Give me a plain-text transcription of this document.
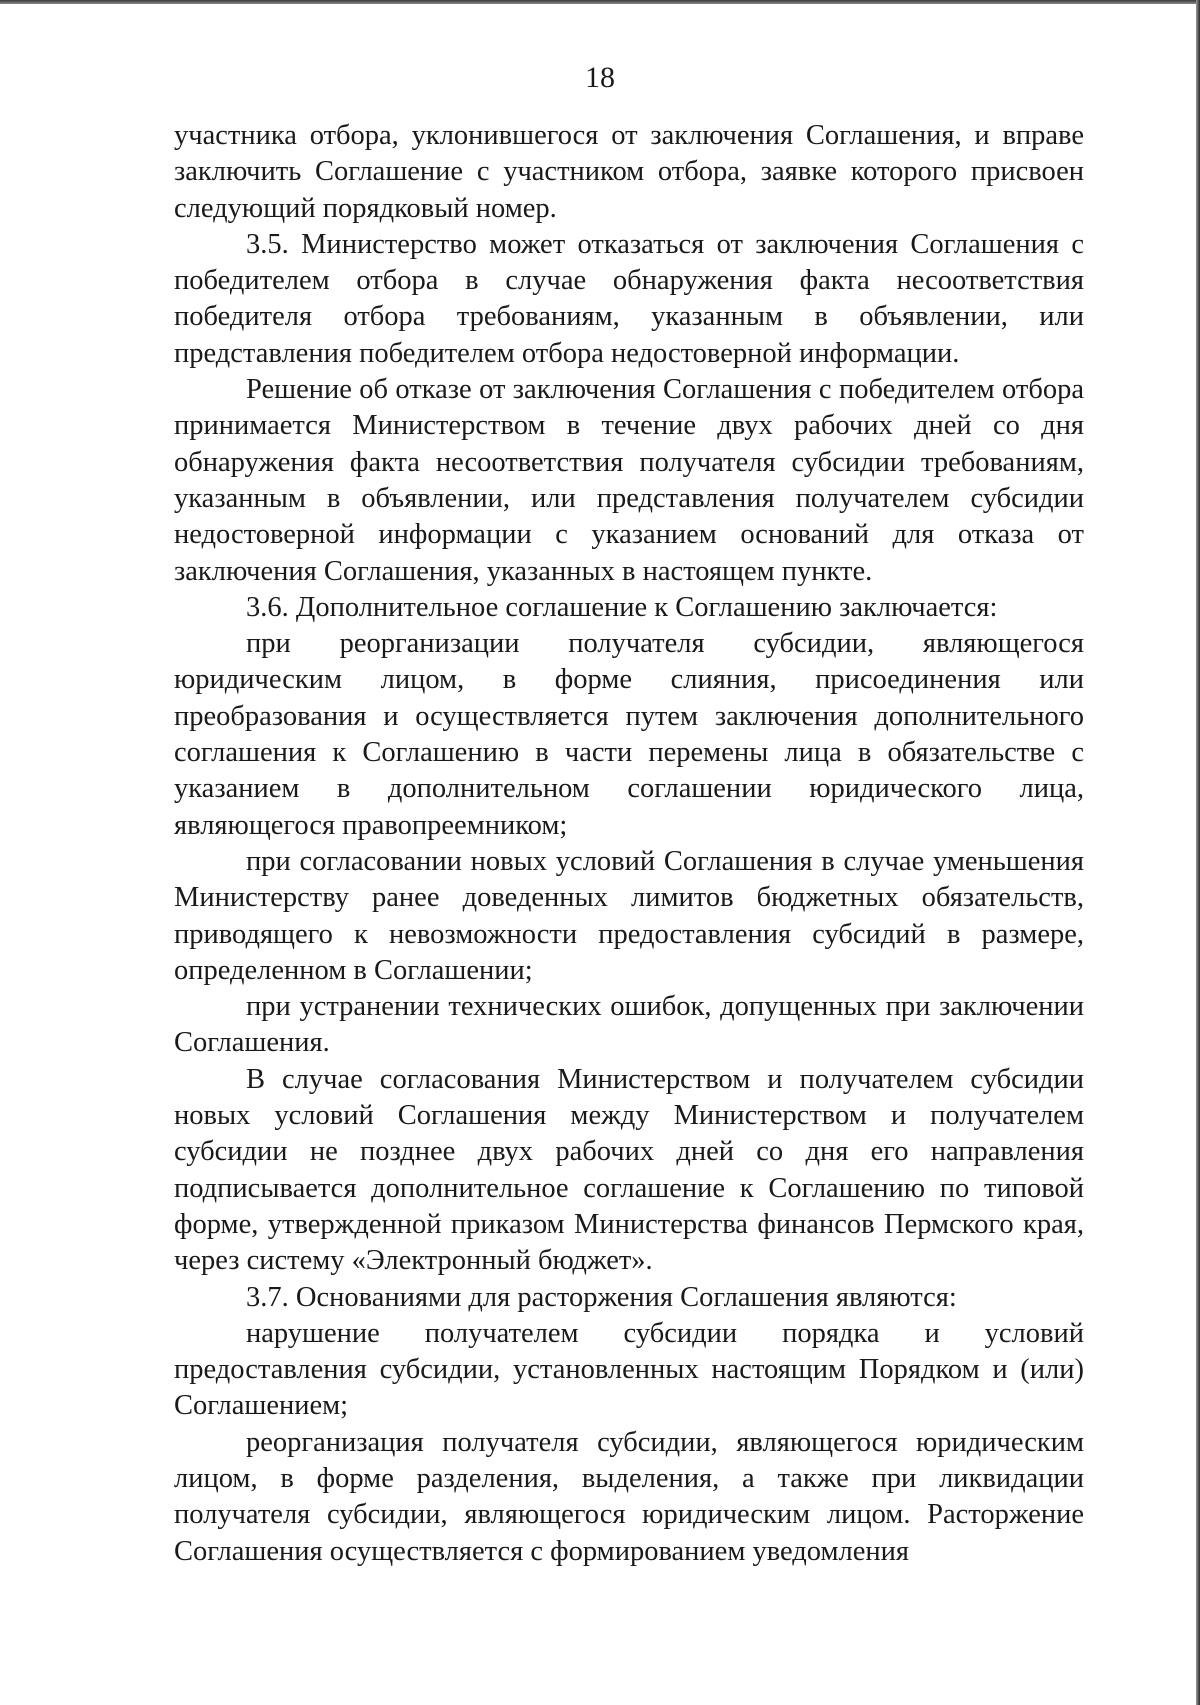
18

участника отбора, уклонившегося от заключения Соглашения, и вправе заключить Соглашение с участником отбора, заявке которого присвоен следующий порядковый номер.

3.5. Министерство может отказаться от заключения Соглашения с победителем отбора в случае обнаружения факта несоответствия победителя отбора требованиям, указанным в объявлении, или представления победителем отбора недостоверной информации.

Решение об отказе от заключения Соглашения с победителем отбора принимается Министерством в течение двух рабочих дней со дня обнаружения факта несоответствия получателя субсидии требованиям, указанным в объявлении, или представления получателем субсидии недостоверной информации с указанием оснований для отказа от заключения Соглашения, указанных в настоящем пункте.

3.6. Дополнительное соглашение к Соглашению заключается:

при реорганизации получателя субсидии, являющегося юридическим лицом, в форме слияния, присоединения или преобразования и осуществляется путем заключения дополнительного соглашения к Соглашению в части перемены лица в обязательстве с указанием в дополнительном соглашении юридического лица, являющегося правопреемником;

при согласовании новых условий Соглашения в случае уменьшения Министерству ранее доведенных лимитов бюджетных обязательств, приводящего к невозможности предоставления субсидий в размере, определенном в Соглашении;

при устранении технических ошибок, допущенных при заключении Соглашения.

В случае согласования Министерством и получателем субсидии новых условий Соглашения между Министерством и получателем субсидии не позднее двух рабочих дней со дня его направления подписывается дополнительное соглашение к Соглашению по типовой форме, утвержденной приказом Министерства финансов Пермского края, через систему «Электронный бюджет».

3.7. Основаниями для расторжения Соглашения являются:

нарушение получателем субсидии порядка и условий предоставления субсидии, установленных настоящим Порядком и (или) Соглашением;

реорганизация получателя субсидии, являющегося юридическим лицом, в форме разделения, выделения, а также при ликвидации получателя субсидии, являющегося юридическим лицом. Расторжение Соглашения осуществляется с формированием уведомления
